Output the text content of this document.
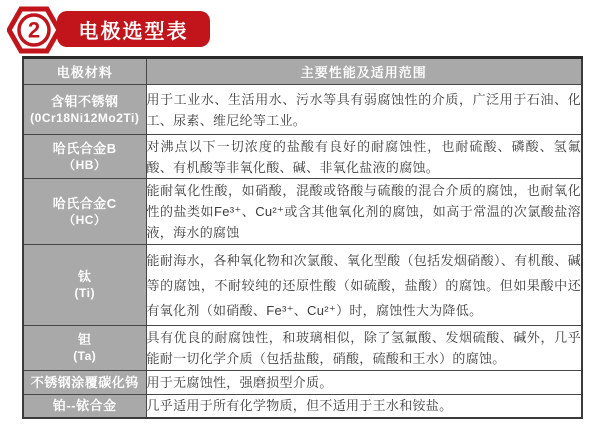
2	电极选型表
电极材料	主要性能及适用范围

含钼不锈钢
(0Cr18Ni12Mo2Ti)	用于工业水、生活用水、污水等具有弱腐蚀性的介质，广泛用于石油、化工、尿素、维尼纶等工业。

哈氏合金B
（HB）	对沸点以下一切浓度的盐酸有良好的耐腐蚀性，也耐硫酸、磷酸、氢氟酸、有机酸等非氧化酸、碱、非氧化盐液的腐蚀。

哈氏合金C
（HC）	能耐氧化性酸，如硝酸，混酸或铬酸与硫酸的混合介质的腐蚀，也耐氧化性的盐类如Fe³⁺、Cu²⁺或含其他氧化剂的腐蚀，如高于常温的次氯酸盐溶液，海水的腐蚀

钛
(Ti)	能耐海水，各种氧化物和次氯酸、氧化型酸（包括发烟硝酸）、有机酸、碱等的腐蚀，不耐较纯的还原性酸（如硫酸，盐酸）的腐蚀。但如果酸中还有氧化剂（如硝酸、Fe³⁺、Cu²⁺）时，腐蚀性大为降低。

钽
(Ta)	具有优良的耐腐蚀性，和玻璃相似，除了氢氟酸、发烟硫酸、碱外，几乎能耐一切化学介质（包括盐酸，硝酸，硫酸和王水）的腐蚀。

不锈钢涂覆碳化钨	用于无腐蚀性，强磨损型介质。

铂--铱合金	几乎适用于所有化学物质，但不适用于王水和铵盐。
